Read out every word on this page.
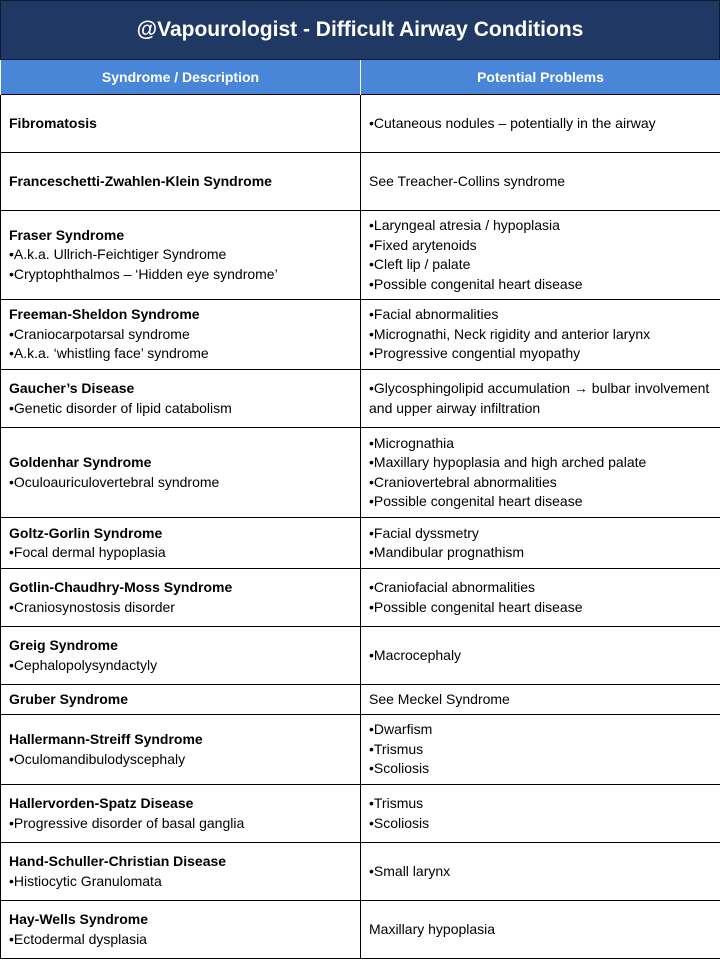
@Vapourologist - Difficult Airway Conditions
Syndrome / Description	Potential Problems

Fibromatosis	•Cutaneous nodules – potentially in the airway

Franceschetti-Zwahlen-Klein Syndrome	See Treacher-Collins syndrome

Fraser Syndrome
•A.k.a. Ullrich-Feichtiger Syndrome
•Cryptophthalmos – ‘Hidden eye syndrome’	•Laryngeal atresia / hypoplasia
•Fixed arytenoids
•Cleft lip / palate
•Possible congenital heart disease

Freeman-Sheldon Syndrome
•Craniocarpotarsal syndrome
•A.k.a. ‘whistling face’ syndrome	•Facial abnormalities
•Micrognathi, Neck rigidity and anterior larynx
•Progressive congential myopathy

Gaucher’s Disease
•Genetic disorder of lipid catabolism	•Glycosphingolipid accumulation → bulbar involvement and upper airway infiltration

Goldenhar Syndrome
•Oculoauriculovertebral syndrome	•Micrognathia
•Maxillary hypoplasia and high arched palate
•Craniovertebral abnormalities
•Possible congenital heart disease

Goltz-Gorlin Syndrome
•Focal dermal hypoplasia	•Facial dyssmetry
•Mandibular prognathism

Gotlin-Chaudhry-Moss Syndrome
•Craniosynostosis disorder	•Craniofacial abnormalities
•Possible congenital heart disease

Greig Syndrome
•Cephalopolysyndactyly	•Macrocephaly

Gruber Syndrome	See Meckel Syndrome

Hallermann-Streiff Syndrome
•Oculomandibulodyscephaly	•Dwarfism
•Trismus
•Scoliosis

Hallervorden-Spatz Disease
•Progressive disorder of basal ganglia	•Trismus
•Scoliosis

Hand-Schuller-Christian Disease
•Histiocytic Granulomata	•Small larynx

Hay-Wells Syndrome
•Ectodermal dysplasia	Maxillary hypoplasia
